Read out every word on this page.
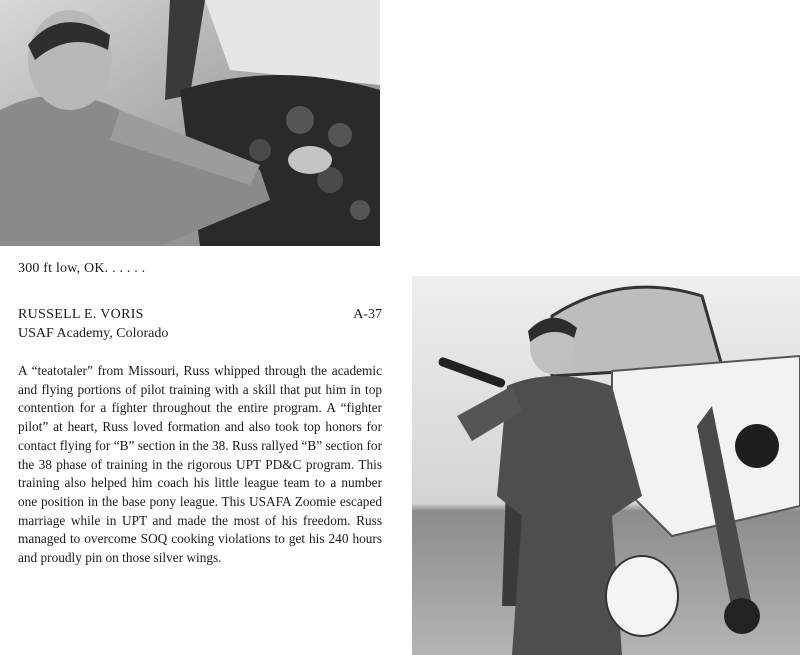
300 ft low, OK. . . . . .
RUSSELL E. VORIS	A-37
USAF Academy, Colorado

A “teatotaler” from Missouri, Russ whipped through the academic and flying portions of pilot training with a skill that put him in top contention for a fighter throughout the entire program. A “fighter pilot” at heart, Russ loved formation and also took top honors for contact flying for “B” section in the 38. Russ rallyed “B” section for the 38 phase of training in the rigorous UPT PD&C program. This training also helped him coach his little league team to a number one position in the base pony league. This USAFA Zoomie escaped marriage while in UPT and made the most of his freedom. Russ managed to overcome SOQ cooking violations to get his 240 hours and proudly pin on those silver wings.
